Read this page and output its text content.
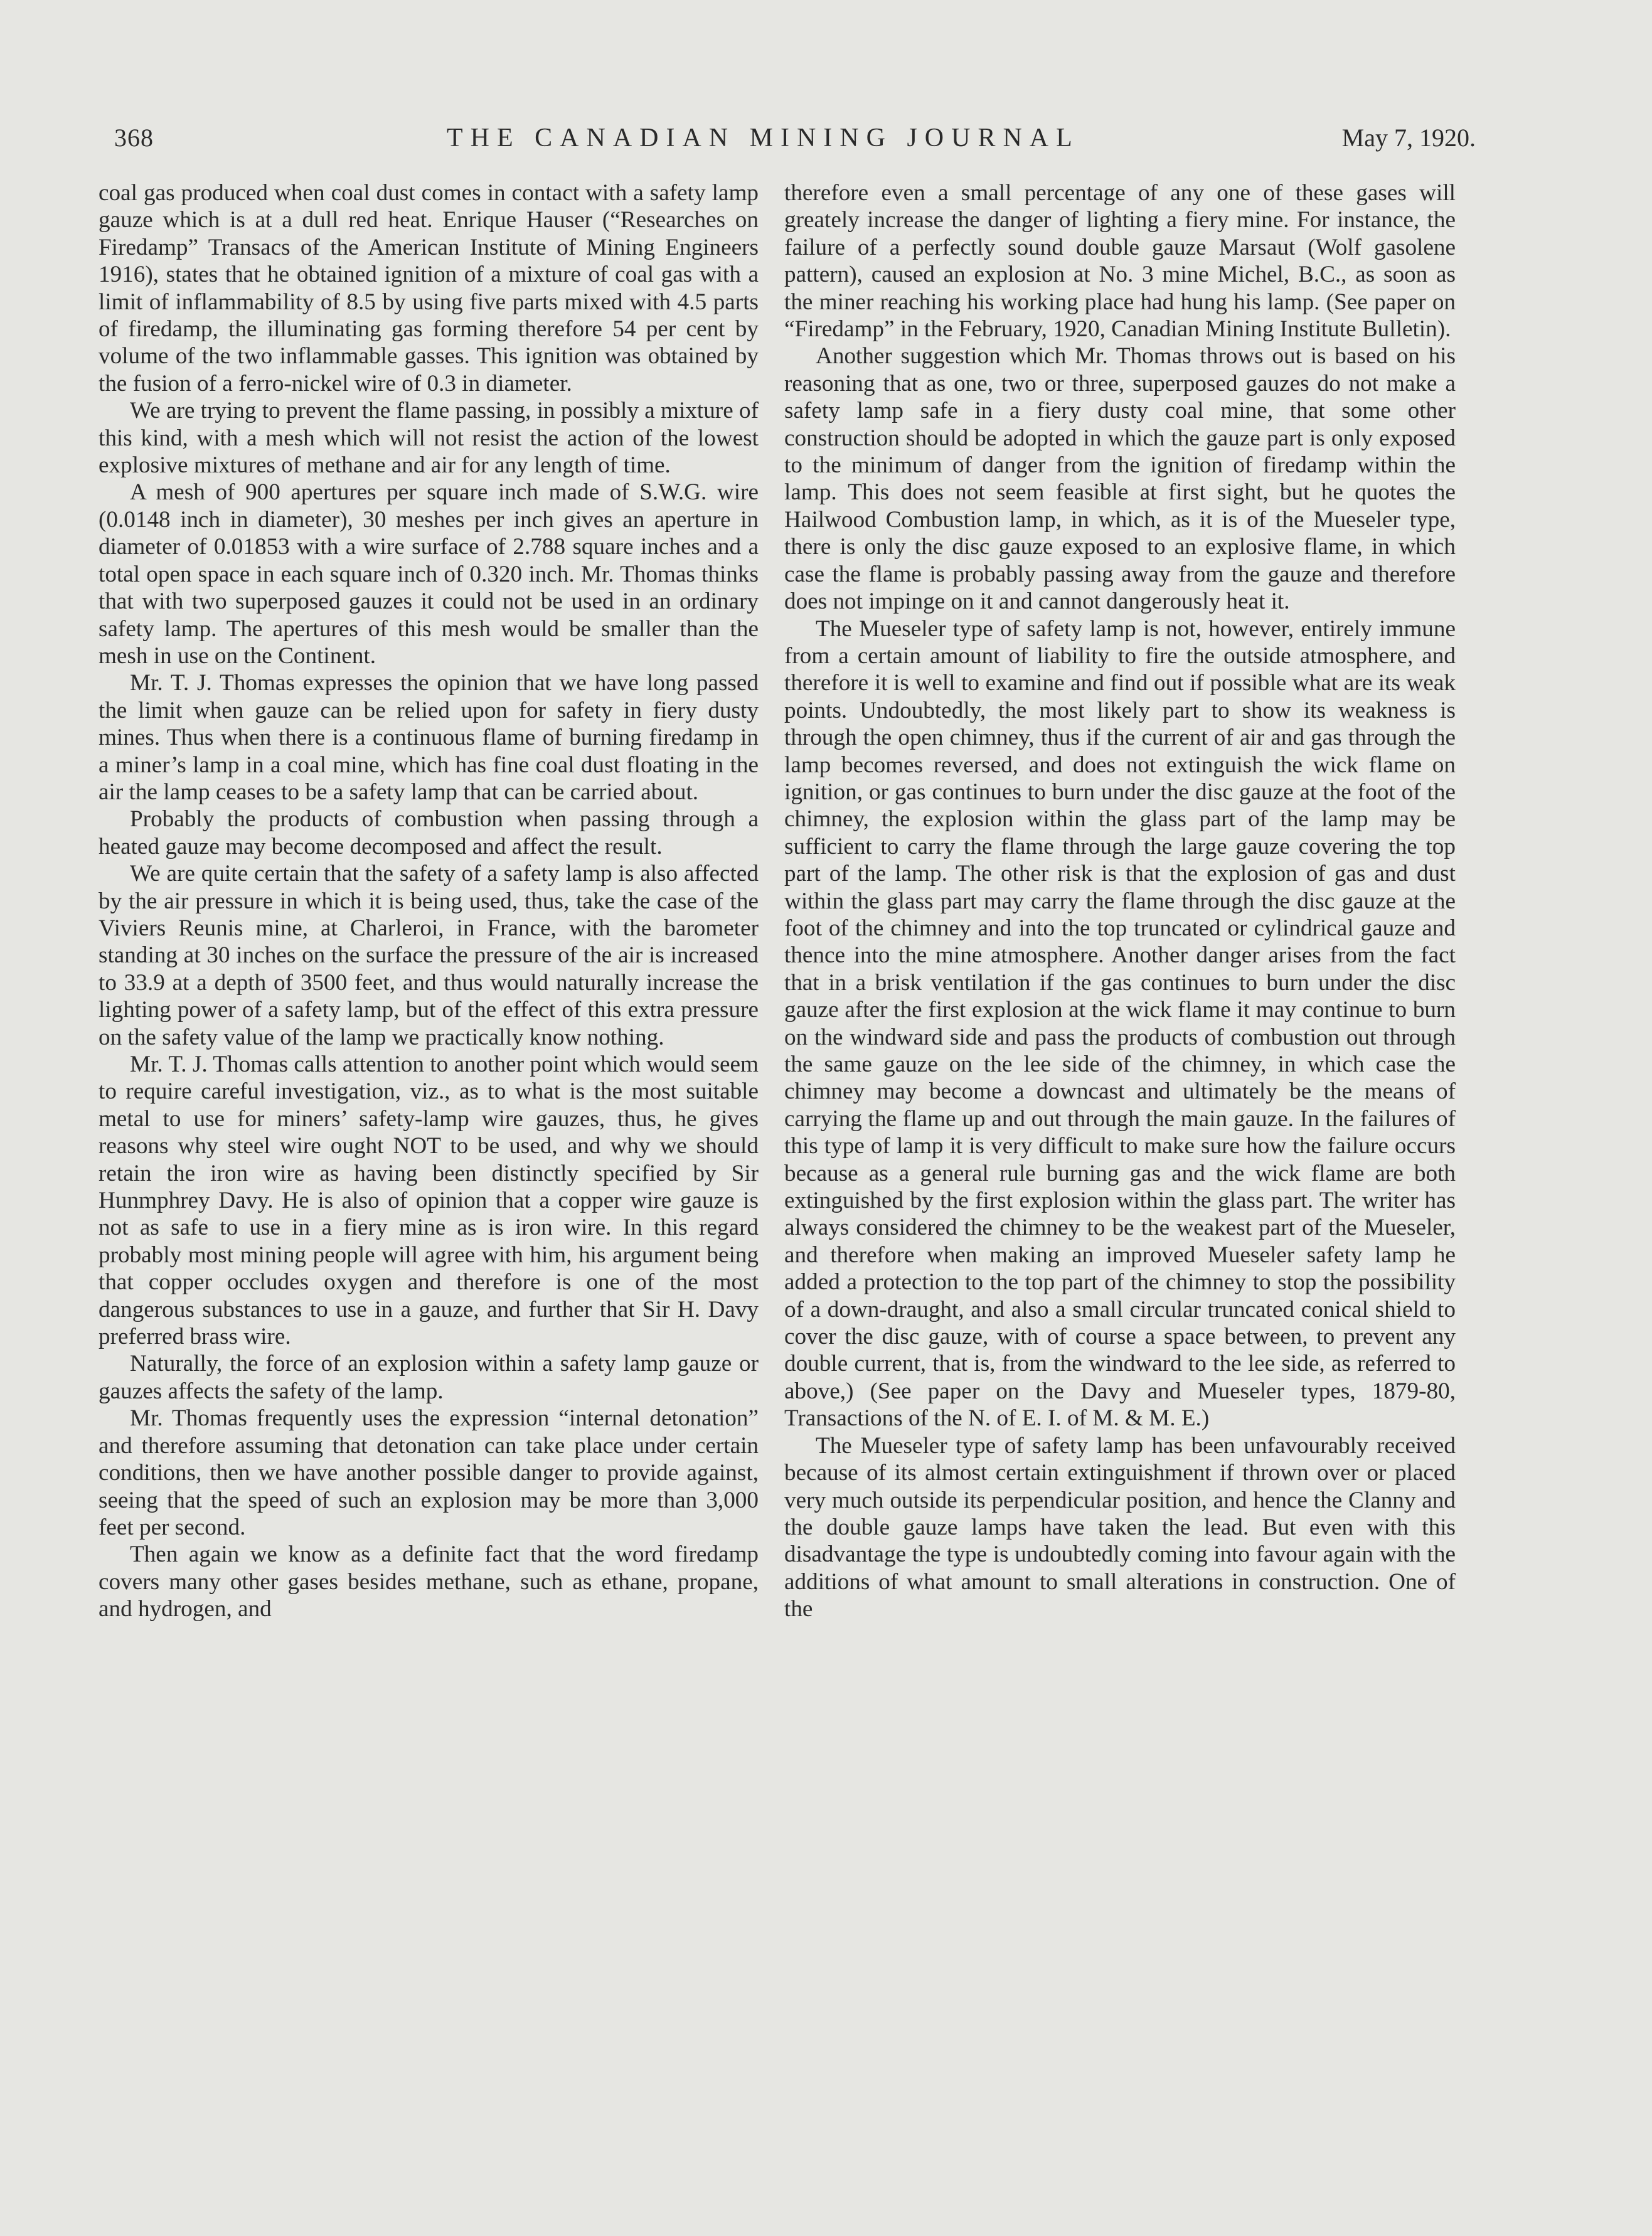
368	THE CANADIAN MINING JOURNAL	May 7, 1920.

coal gas produced when coal dust comes in contact with a safety lamp gauze which is at a dull red heat. Enrique Hauser (“Researches on Firedamp” Transacs of the American Institute of Mining Engineers 1916), states that he obtained ignition of a mixture of coal gas with a limit of inflammability of 8.5 by using five parts mixed with 4.5 parts of firedamp, the illuminating gas forming therefore 54 per cent by volume of the two inflammable gasses. This ignition was obtained by the fusion of a ferro-nickel wire of 0.3 in diameter.

We are trying to prevent the flame passing, in possibly a mixture of this kind, with a mesh which will not resist the action of the lowest explosive mixtures of methane and air for any length of time.

A mesh of 900 apertures per square inch made of S.W.G. wire (0.0148 inch in diameter), 30 meshes per inch gives an aperture in diameter of 0.01853 with a wire surface of 2.788 square inches and a total open space in each square inch of 0.320 inch. Mr. Thomas thinks that with two superposed gauzes it could not be used in an ordinary safety lamp. The apertures of this mesh would be smaller than the mesh in use on the Continent.

Mr. T. J. Thomas expresses the opinion that we have long passed the limit when gauze can be relied upon for safety in fiery dusty mines. Thus when there is a continuous flame of burning firedamp in a miner’s lamp in a coal mine, which has fine coal dust floating in the air the lamp ceases to be a safety lamp that can be carried about.

Probably the products of combustion when passing through a heated gauze may become decomposed and affect the result.

We are quite certain that the safety of a safety lamp is also affected by the air pressure in which it is being used, thus, take the case of the Viviers Reunis mine, at Charleroi, in France, with the barometer standing at 30 inches on the surface the pressure of the air is increased to 33.9 at a depth of 3500 feet, and thus would naturally increase the lighting power of a safety lamp, but of the effect of this extra pressure on the safety value of the lamp we practically know nothing.

Mr. T. J. Thomas calls attention to another point which would seem to require careful investigation, viz., as to what is the most suitable metal to use for miners’ safety-lamp wire gauzes, thus, he gives reasons why steel wire ought NOT to be used, and why we should retain the iron wire as having been distinctly specified by Sir Hunmphrey Davy. He is also of opinion that a copper wire gauze is not as safe to use in a fiery mine as is iron wire. In this regard probably most mining people will agree with him, his argument being that copper occludes oxygen and therefore is one of the most dangerous substances to use in a gauze, and further that Sir H. Davy preferred brass wire.

Naturally, the force of an explosion within a safety lamp gauze or gauzes affects the safety of the lamp.

Mr. Thomas frequently uses the expression “internal detonation” and therefore assuming that detonation can take place under certain conditions, then we have another possible danger to provide against, seeing that the speed of such an explosion may be more than 3,000 feet per second.

Then again we know as a definite fact that the word firedamp covers many other gases besides methane, such as ethane, propane, and hydrogen, and

therefore even a small percentage of any one of these gases will greately increase the danger of lighting a fiery mine. For instance, the failure of a perfectly sound double gauze Marsaut (Wolf gasolene pattern), caused an explosion at No. 3 mine Michel, B.C., as soon as the miner reaching his working place had hung his lamp. (See paper on “Firedamp” in the February, 1920, Canadian Mining Institute Bulletin).

Another suggestion which Mr. Thomas throws out is based on his reasoning that as one, two or three, superposed gauzes do not make a safety lamp safe in a fiery dusty coal mine, that some other construction should be adopted in which the gauze part is only exposed to the minimum of danger from the ignition of firedamp within the lamp. This does not seem feasible at first sight, but he quotes the Hailwood Combustion lamp, in which, as it is of the Mueseler type, there is only the disc gauze exposed to an explosive flame, in which case the flame is probably passing away from the gauze and therefore does not impinge on it and cannot dangerously heat it.

The Mueseler type of safety lamp is not, however, entirely immune from a certain amount of liability to fire the outside atmosphere, and therefore it is well to examine and find out if possible what are its weak points. Undoubtedly, the most likely part to show its weakness is through the open chimney, thus if the current of air and gas through the lamp becomes reversed, and does not extinguish the wick flame on ignition, or gas continues to burn under the disc gauze at the foot of the chimney, the explosion within the glass part of the lamp may be sufficient to carry the flame through the large gauze covering the top part of the lamp. The other risk is that the explosion of gas and dust within the glass part may carry the flame through the disc gauze at the foot of the chimney and into the top truncated or cylindrical gauze and thence into the mine atmosphere. Another danger arises from the fact that in a brisk ventilation if the gas continues to burn under the disc gauze after the first explosion at the wick flame it may continue to burn on the windward side and pass the products of combustion out through the same gauze on the lee side of the chimney, in which case the chimney may become a downcast and ultimately be the means of carrying the flame up and out through the main gauze. In the failures of this type of lamp it is very difficult to make sure how the failure occurs because as a general rule burning gas and the wick flame are both extinguished by the first explosion within the glass part. The writer has always considered the chimney to be the weakest part of the Mueseler, and therefore when making an improved Mueseler safety lamp he added a protection to the top part of the chimney to stop the possibility of a down-draught, and also a small circular truncated conical shield to cover the disc gauze, with of course a space between, to prevent any double current, that is, from the windward to the lee side, as referred to above,) (See paper on the Davy and Mueseler types, 1879-80, Transactions of the N. of E. I. of M. & M. E.)

The Mueseler type of safety lamp has been unfavourably received because of its almost certain extinguishment if thrown over or placed very much outside its perpendicular position, and hence the Clanny and the double gauze lamps have taken the lead. But even with this disadvantage the type is undoubtedly coming into favour again with the additions of what amount to small alterations in construction. One of the
